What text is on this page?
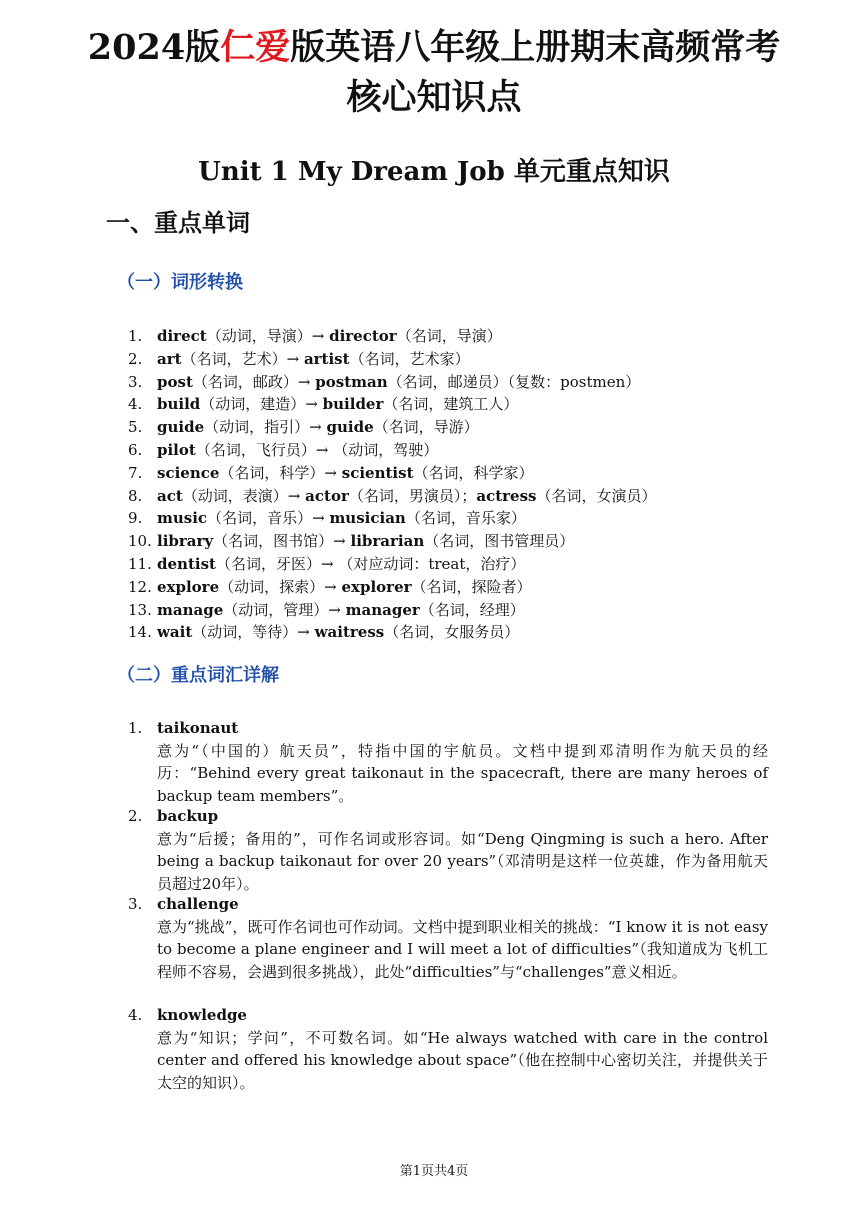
2024版仁爱版英语八年级上册期末高频常考
核心知识点
Unit 1 My Dream Job 单元重点知识
一、重点单词
（一）词形转换
1. direct（动词，导演）→ director（名词，导演）
2. art（名词，艺术）→ artist（名词，艺术家）
3. post（名词，邮政）→ postman（名词，邮递员）（复数：postmen）
4. build（动词，建造）→ builder（名词，建筑工人）
5. guide（动词，指引）→ guide（名词，导游）
6. pilot（名词，飞行员）→ （动词，驾驶）
7. science（名词，科学）→ scientist（名词，科学家）
8. act（动词，表演）→ actor（名词，男演员）；actress（名词，女演员）
9. music（名词，音乐）→ musician（名词，音乐家）
10. library（名词，图书馆）→ librarian（名词，图书管理员）
11. dentist（名词，牙医）→ （对应动词：treat，治疗）
12. explore（动词，探索）→ explorer（名词，探险者）
13. manage（动词，管理）→ manager（名词，经理）
14. wait（动词，等待）→ waitress（名词，女服务员）
（二）重点词汇详解
1. taikonaut
意为“（中国的）航天员”，特指中国的宇航员。文档中提到邓清明作为航天员的经历：“Behind every great taikonaut in the spacecraft, there are many heroes of backup team members”。
2. backup
意为“后援；备用的”，可作名词或形容词。如“Deng Qingming is such a hero. After being a backup taikonaut for over 20 years”（邓清明是这样一位英雄，作为备用航天员超过20年）。
3. challenge
意为“挑战”，既可作名词也可作动词。文档中提到职业相关的挑战：“I know it is not easy to become a plane engineer and I will meet a lot of difficulties”（我知道成为飞机工程师不容易，会遇到很多挑战），此处“difficulties”与“challenges”意义相近。
4. knowledge
意为“知识；学问”，不可数名词。如“He always watched with care in the control center and offered his knowledge about space”（他在控制中心密切关注，并提供关于太空的知识）。
第1页共4页
